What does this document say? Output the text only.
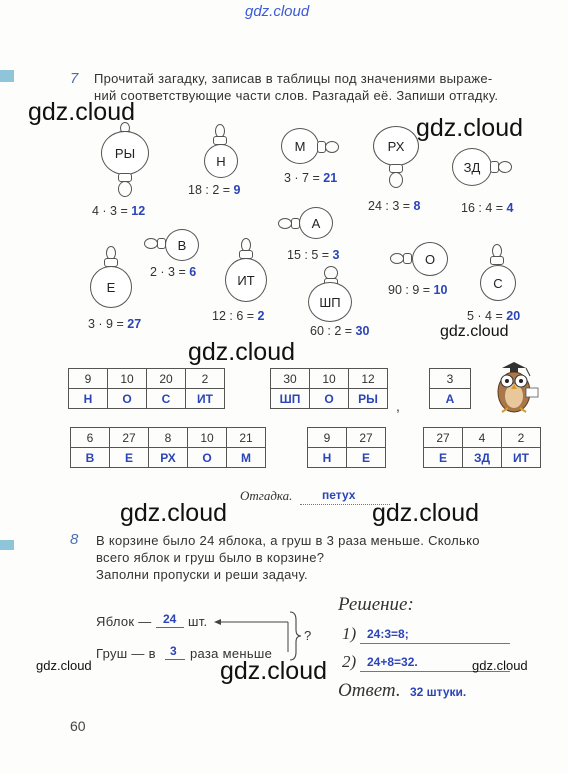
gdz.cloud
7 Прочитай загадку, записав в таблицы под значениями выраже-
ний соответствующие части слов. Разгадай её. Запиши отгадку.
РЫ
4 · 3 = 12
Н
18 : 2 = 9
М
3 · 7 = 21
РХ
24 : 3 = 8
ЗД
16 : 4 = 4
В
2 · 3 = 6
А
15 : 5 = 3
Е
3 · 9 = 27
ИТ
12 : 6 = 2
ШП
60 : 2 = 30
О
90 : 9 = 10	С
5 · 4 = 20
9	10	20	2
Н	О	С	ИТ
30	10	12
ШП	О	РЫ ,
3
А
6	27	8	10	21
В	Е	РХ	О	М
9	27
Н	Е
27	4	2
Е	ЗД	ИТ
Отгадка. петух
8 В корзине было 24 яблока, а груш в 3 раза меньше. Сколько
всего яблок и груш было в корзине?
Заполни пропуски и реши задачу.
Яблок — 24 шт.
Груш — в 3 раза меньше
?
Решение:
1) 24:3=8;
2) 24+8=32.
Ответ. 32 штуки.
60
gdz.cloud
gdz.cloud
gdz.cloud
gdz.cloud
gdz.cloud	gdz.cloud
gdz.cloud	gdz.cloud	gdz.cloud
